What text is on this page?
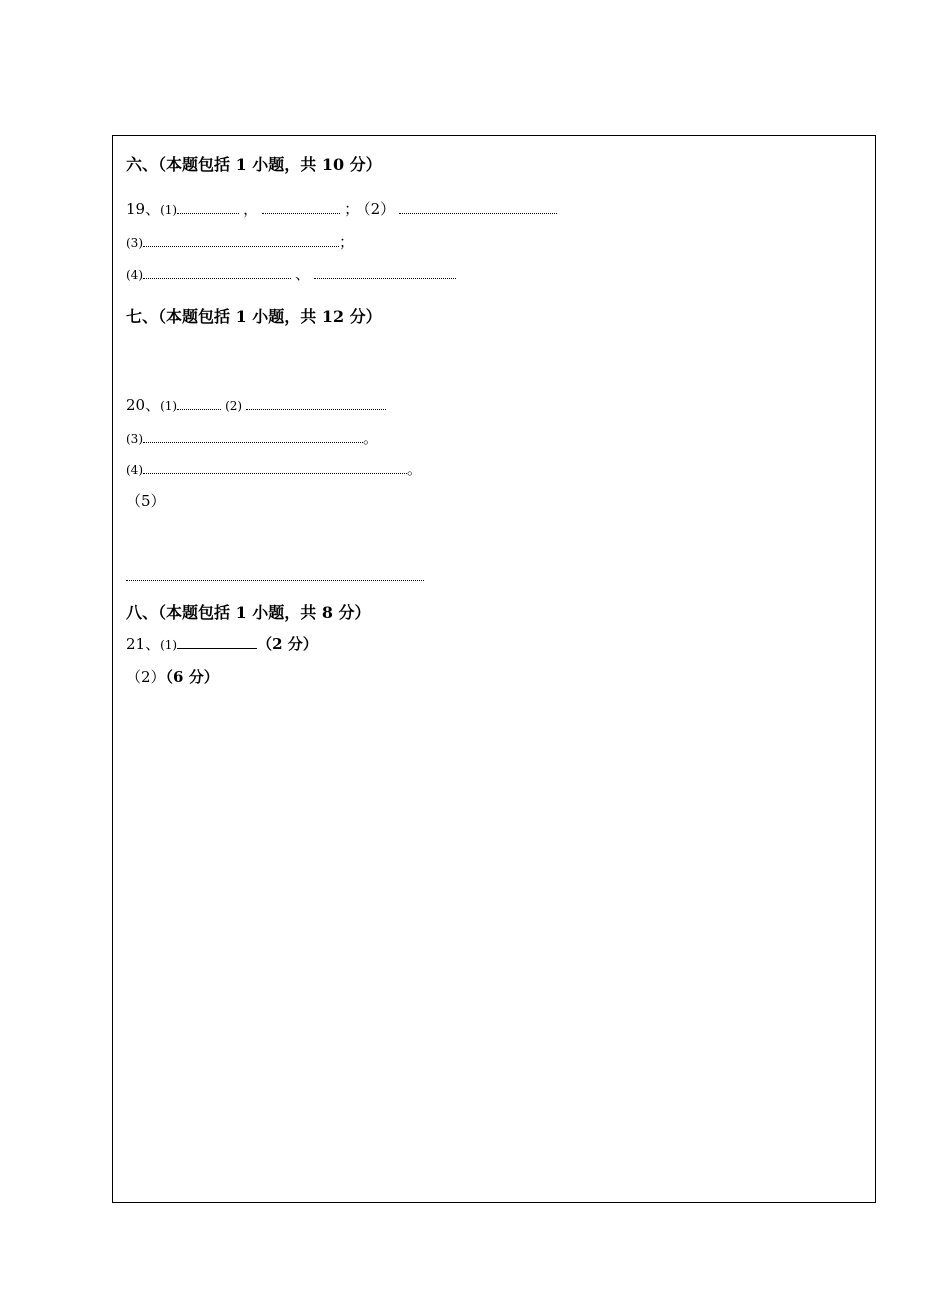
六、（本题包括 1 小题，共 10 分）
19、(1)	，	； （2）
(3)	；
(4)	、
七、（本题包括 1 小题，共 12 分）
20、(1)	(2)
(3)	。
(4)	。
（5）
八、（本题包括 1 小题，共 8 分）
21、(1)	（2 分）
（2）（6 分）
